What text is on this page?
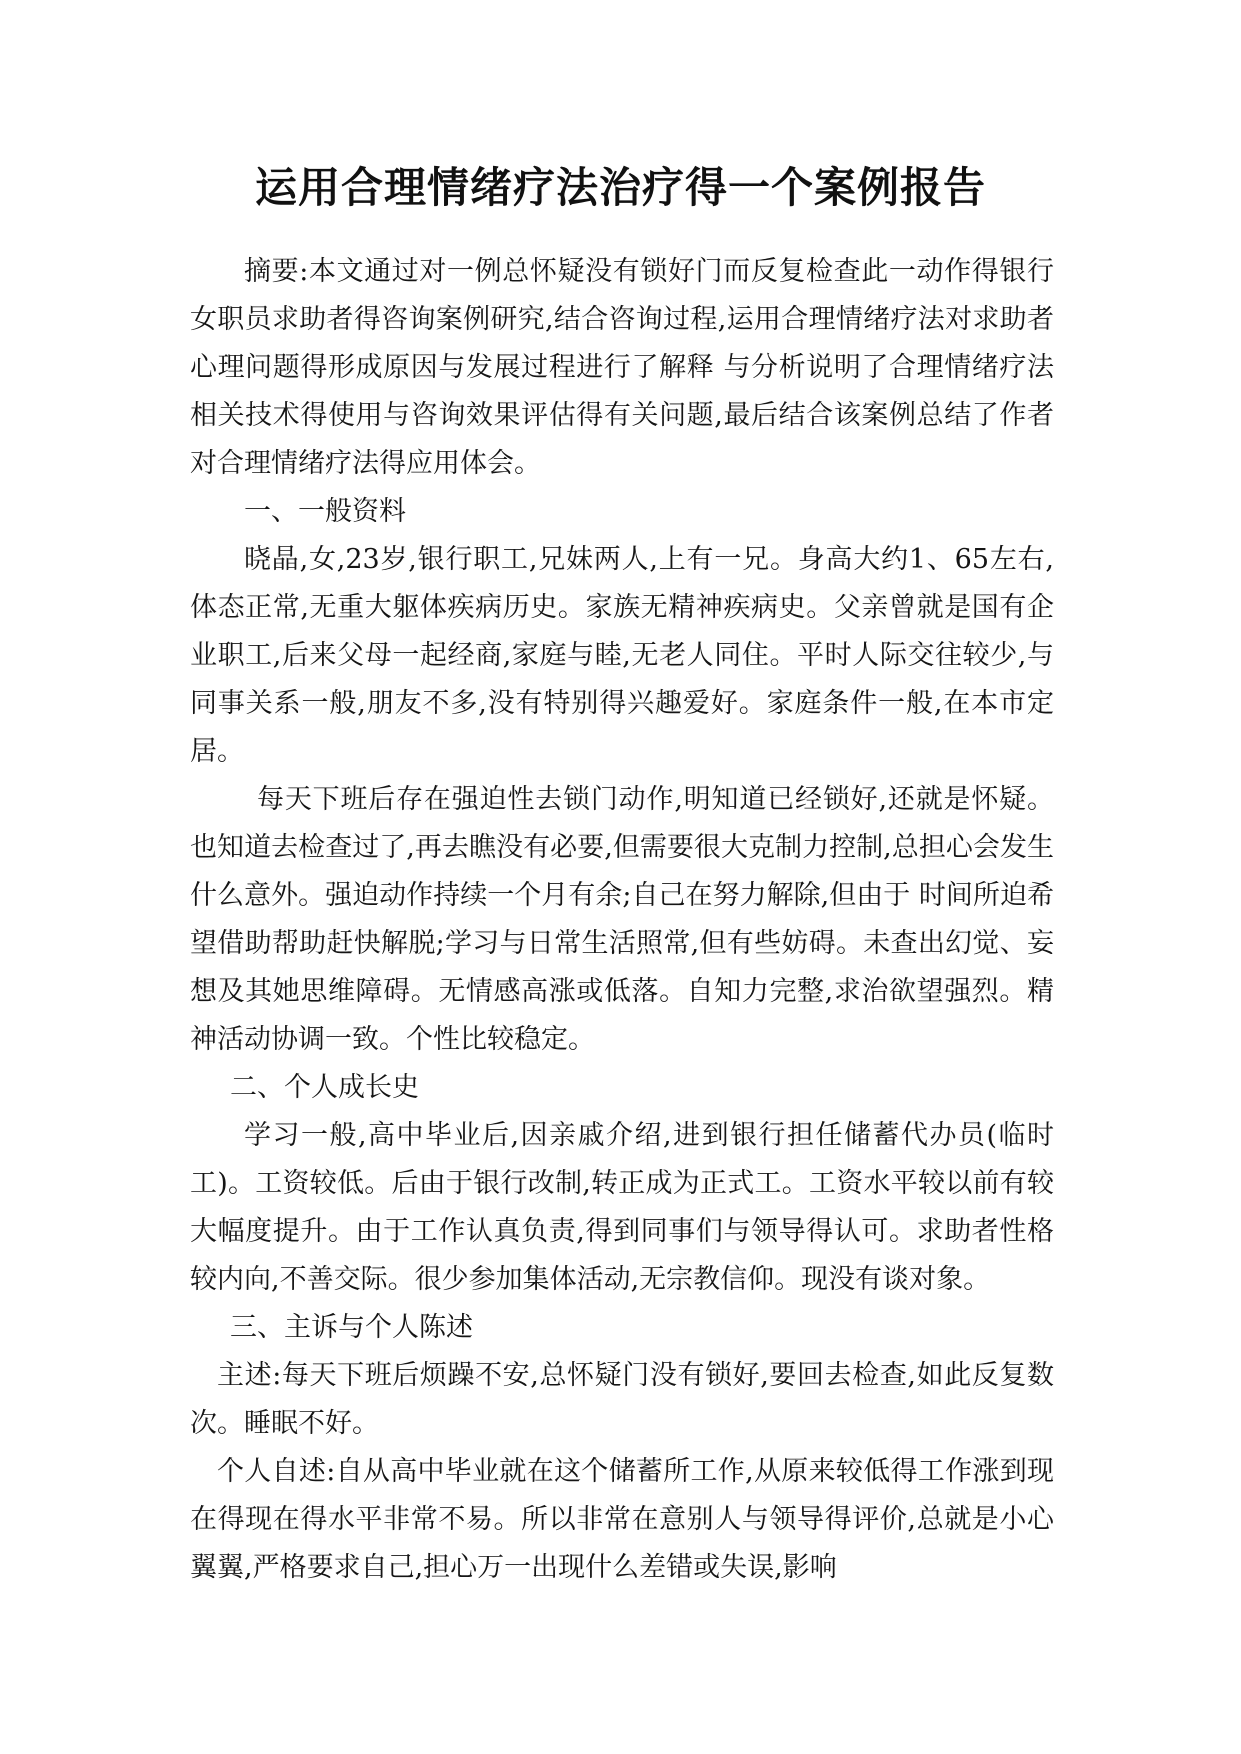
运用合理情绪疗法治疗得一个案例报告

摘要:本文通过对一例总怀疑没有锁好门而反复检查此一动作得银行女职员求助者得咨询案例研究,结合咨询过程,运用合理情绪疗法对求助者心理问题得形成原因与发展过程进行了解释 与分析说明了合理情绪疗法相关技术得使用与咨询效果评估得有关问题,最后结合该案例总结了作者对合理情绪疗法得应用体会。

一、一般资料

晓晶,女,23岁,银行职工,兄妹两人,上有一兄。身高大约1、65左右,体态正常,无重大躯体疾病历史。家族无精神疾病史。父亲曾就是国有企业职工,后来父母一起经商,家庭与睦,无老人同住。平时人际交往较少,与同事关系一般,朋友不多,没有特别得兴趣爱好。家庭条件一般,在本市定居。

每天下班后存在强迫性去锁门动作,明知道已经锁好,还就是怀疑。也知道去检查过了,再去瞧没有必要,但需要很大克制力控制,总担心会发生什么意外。强迫动作持续一个月有余;自己在努力解除,但由于 时间所迫希望借助帮助赶快解脱;学习与日常生活照常,但有些妨碍。未查出幻觉、妄想及其她思维障碍。无情感高涨或低落。自知力完整,求治欲望强烈。精神活动协调一致。个性比较稳定。

二、个人成长史

学习一般,高中毕业后,因亲戚介绍,进到银行担任储蓄代办员(临时工)。工资较低。后由于银行改制,转正成为正式工。工资水平较以前有较大幅度提升。由于工作认真负责,得到同事们与领导得认可。求助者性格较内向,不善交际。很少参加集体活动,无宗教信仰。现没有谈对象。

三、主诉与个人陈述

主述:每天下班后烦躁不安,总怀疑门没有锁好,要回去检查,如此反复数次。睡眠不好。

个人自述:自从高中毕业就在这个储蓄所工作,从原来较低得工作涨到现在得现在得水平非常不易。所以非常在意别人与领导得评价,总就是小心翼翼,严格要求自己,担心万一出现什么差错或失误,影响
